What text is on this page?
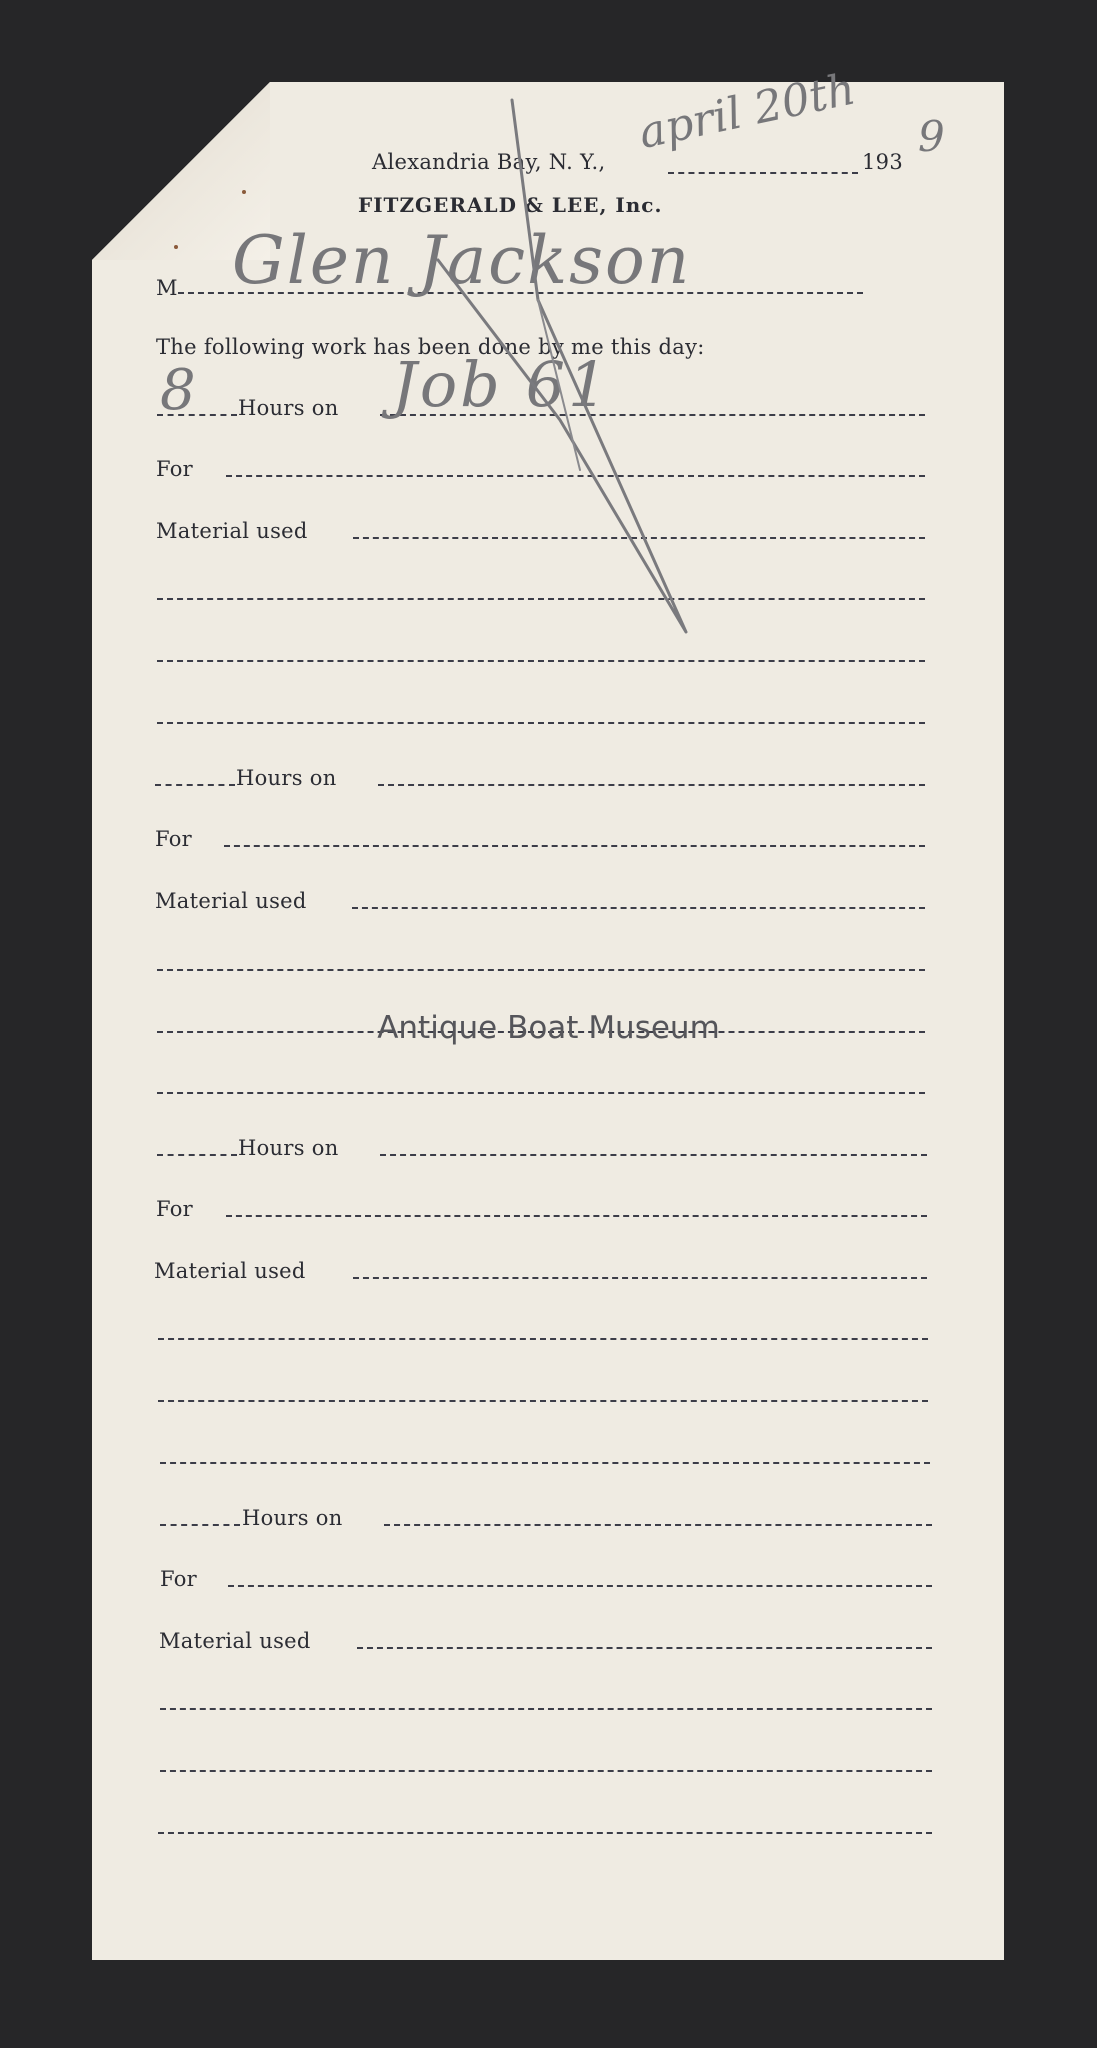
Alexandria Bay, N. Y.,	193
FITZGERALD & LEE, Inc.
M
The following work has been done by me this day:
Hours on
For
Material used
Hours on
For
Material used
Hours on
For
Material used
Hours on
For
Material used
april 20th 9
Glen Jackson
8	Job 61
Antique Boat Museum
